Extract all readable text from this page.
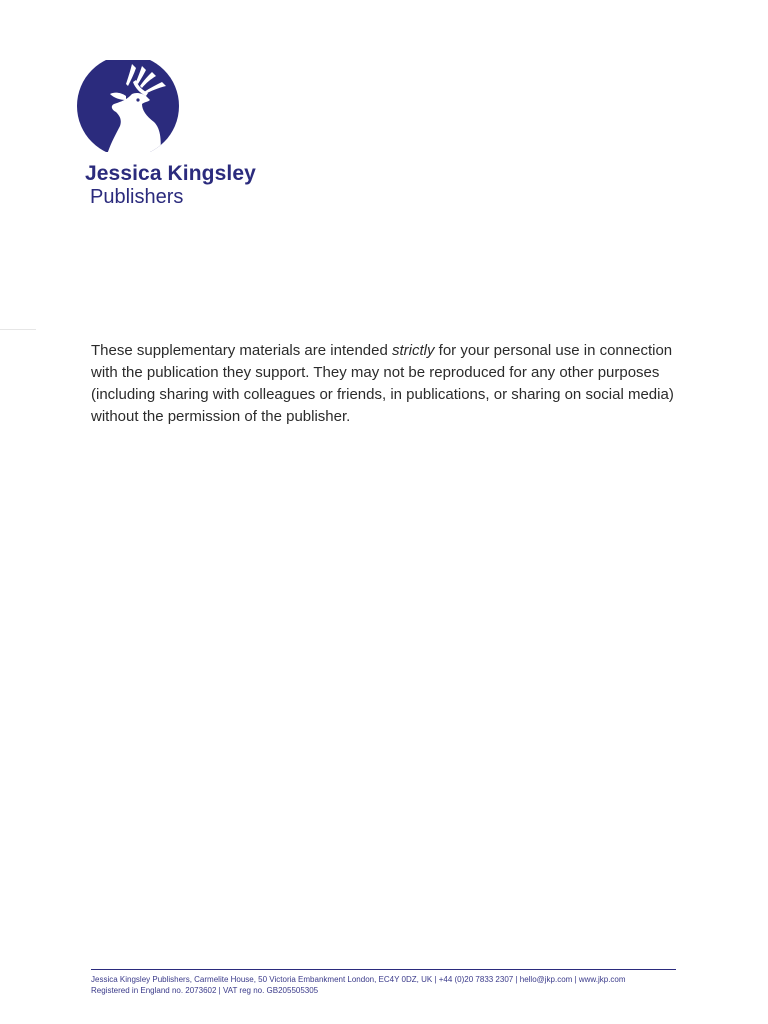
Jessica Kingsley
Publishers

These supplementary materials are intended strictly for your personal use in connection with the publication they support. They may not be reproduced for any other purposes (including sharing with colleagues or friends, in publications, or sharing on social media) without the permission of the publisher.

Jessica Kingsley Publishers, Carmelite House, 50 Victoria Embankment London, EC4Y 0DZ, UK | +44 (0)20 7833 2307 | hello@jkp.com | www.jkp.com
Registered in England no. 2073602 | VAT reg no. GB205505305
